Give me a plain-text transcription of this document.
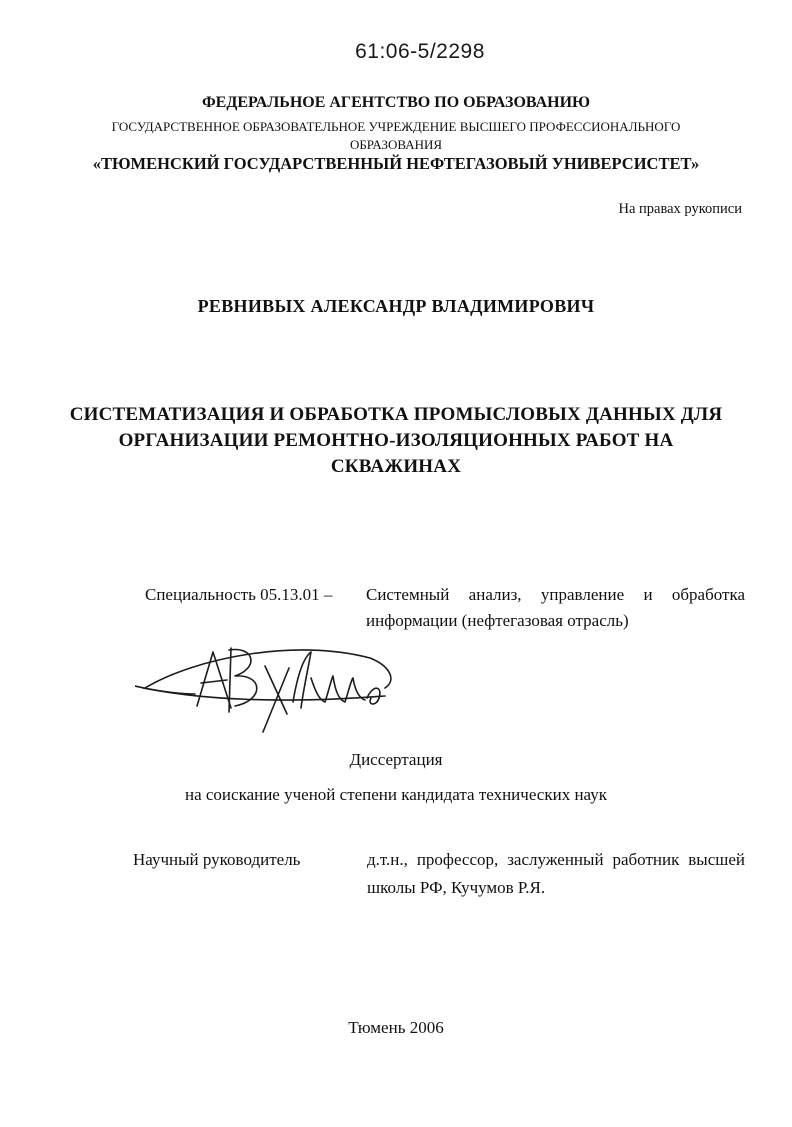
61:06-5/2298

ФЕДЕРАЛЬНОЕ АГЕНТСТВО ПО ОБРАЗОВАНИЮ

ГОСУДАРСТВЕННОЕ ОБРАЗОВАТЕЛЬНОЕ УЧРЕЖДЕНИЕ ВЫСШЕГО ПРОФЕССИОНАЛЬНОГО
ОБРАЗОВАНИЯ

«ТЮМЕНСКИЙ ГОСУДАРСТВЕННЫЙ НЕФТЕГАЗОВЫЙ УНИВЕРСИСТЕТ»

На правах рукописи

РЕВНИВЫХ АЛЕКСАНДР ВЛАДИМИРОВИЧ

СИСТЕМАТИЗАЦИЯ И ОБРАБОТКА ПРОМЫСЛОВЫХ ДАННЫХ ДЛЯ
ОРГАНИЗАЦИИ РЕМОНТНО-ИЗОЛЯЦИОННЫХ РАБОТ НА
СКВАЖИНАХ
Специальность 05.13.01 – Системный анализ, управление и обработка
информации (нефтегазовая отрасль)

Диссертация

на соискание ученой степени кандидата технических наук

Научный руководитель	д.т.н., профессор, заслуженный работник высшей
школы РФ, Кучумов Р.Я.

Тюмень 2006
